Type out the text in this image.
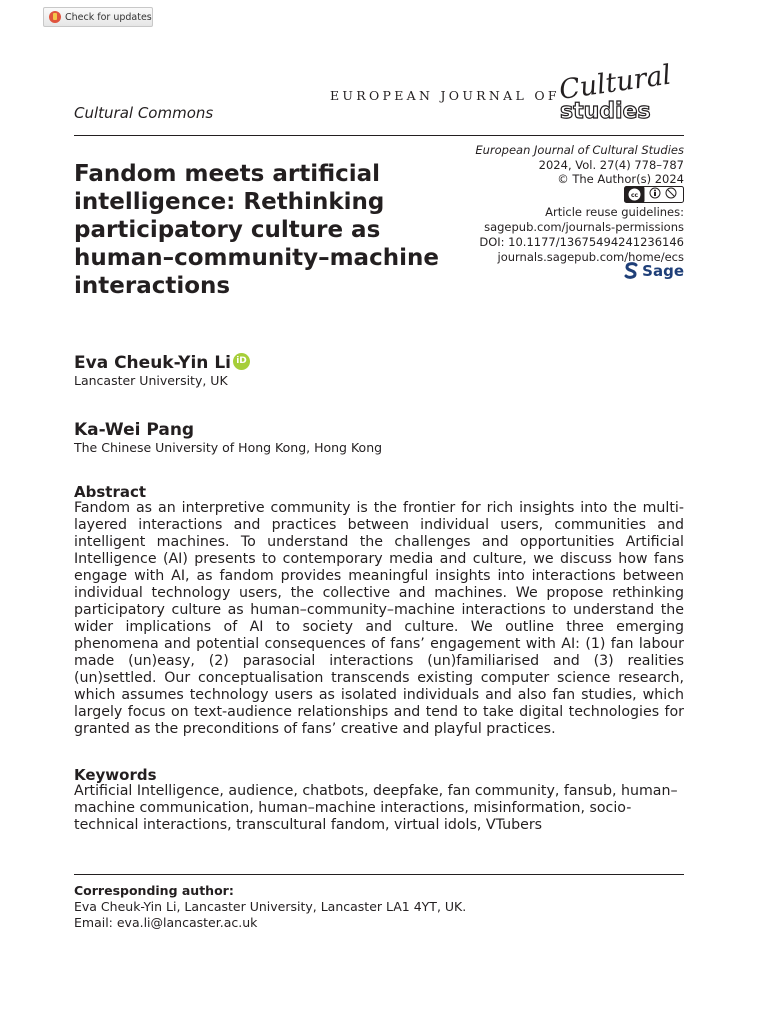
Check for updates
EUROPEAN JOURNAL OF
Cultural
studies
Cultural Commons
Fandom meets artificial intelligence: Rethinking participatory culture as human–community–machine interactions
European Journal of Cultural Studies
2024, Vol. 27(4) 778–787
© The Author(s) 2024
cc
Article reuse guidelines:
sagepub.com/journals-permissions
DOI: 10.1177/13675494241236146
journals.sagepub.com/home/ecs
Sage
Eva Cheuk-Yin Li iD
Lancaster University, UK
Ka-Wei Pang
The Chinese University of Hong Kong, Hong Kong
Abstract
Fandom as an interpretive community is the frontier for rich insights into the multi-layered interactions and practices between individual users, communities and intelligent machines. To understand the challenges and opportunities Artificial Intelligence (AI) presents to contemporary media and culture, we discuss how fans engage with AI, as fandom provides meaningful insights into interactions between individual technology users, the collective and machines. We propose rethinking participatory culture as human–community–machine interactions to understand the wider implications of AI to society and culture. We outline three emerging phenomena and potential consequences of fans’ engagement with AI: (1) fan labour made (un)easy, (2) parasocial interactions (un)familiarised and (3) realities (un)settled. Our conceptualisation transcends existing computer science research, which assumes technology users as isolated individuals and also fan studies, which largely focus on text-audience relationships and tend to take digital technologies for granted as the preconditions of fans’ creative and playful practices.
Keywords
Artificial Intelligence, audience, chatbots, deepfake, fan community, fansub, human–machine communication, human–machine interactions, misinformation, socio-technical interactions, transcultural fandom, virtual idols, VTubers
Corresponding author:
Eva Cheuk-Yin Li, Lancaster University, Lancaster LA1 4YT, UK.
Email: eva.li@lancaster.ac.uk
